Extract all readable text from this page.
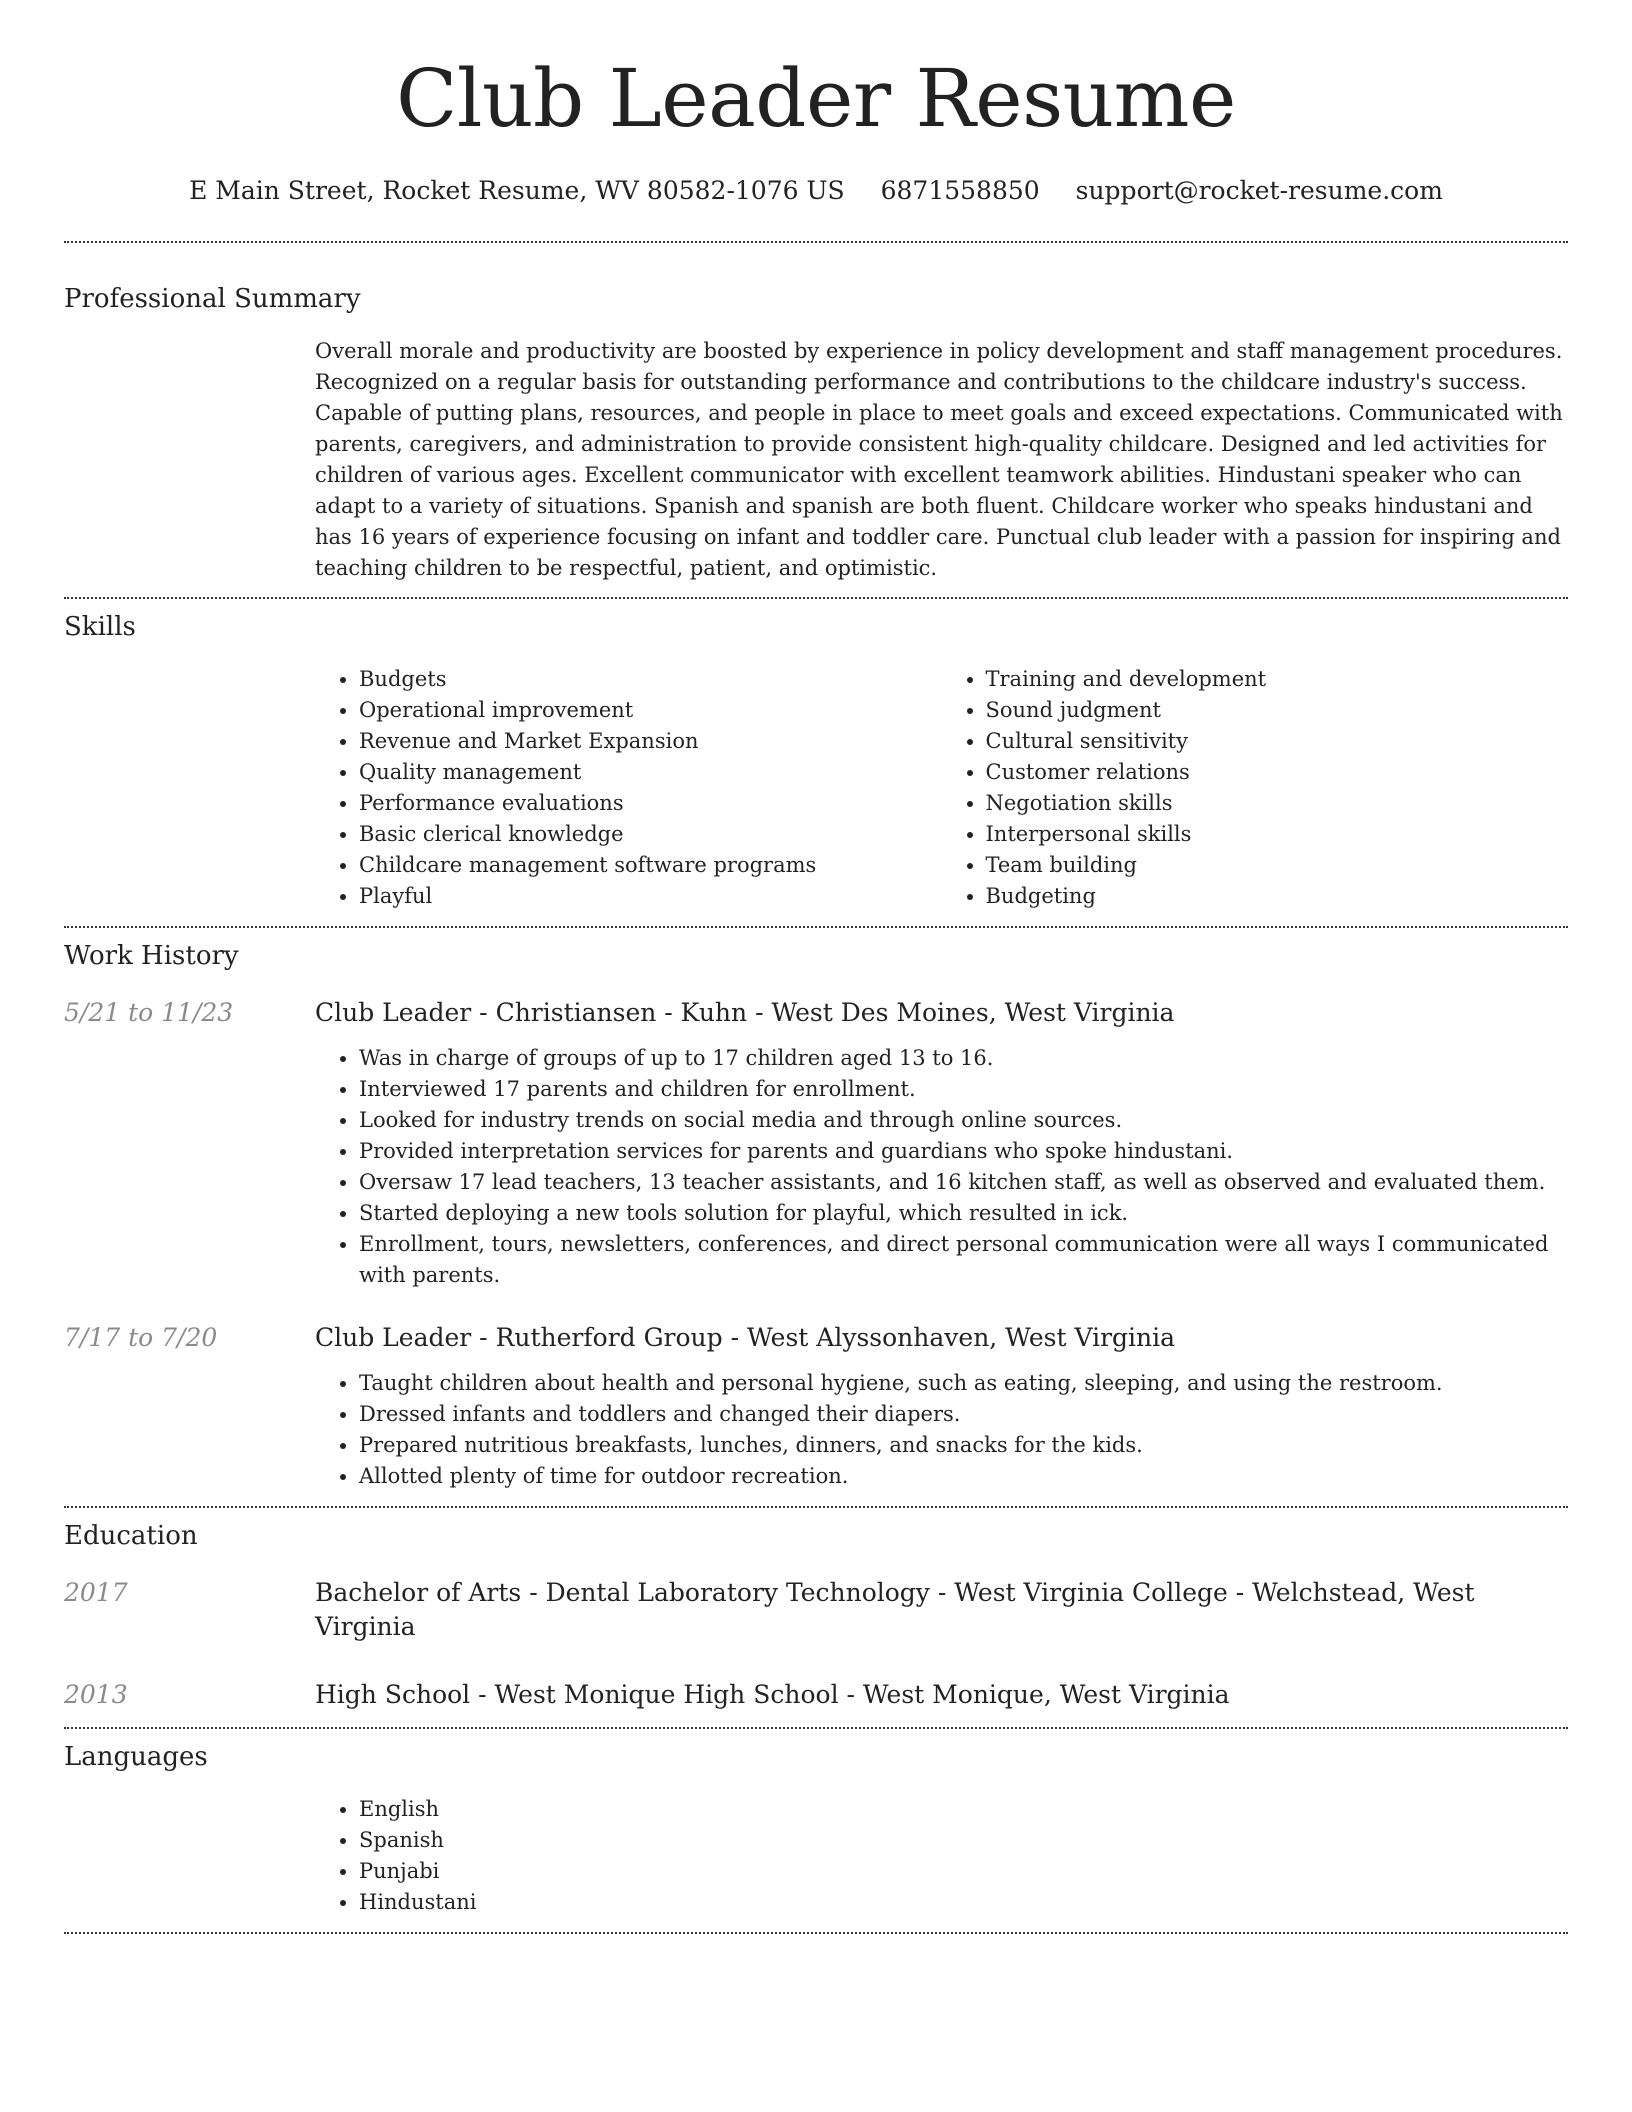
Club Leader Resume
E Main Street, Rocket Resume, WV 80582-1076 US 6871558850 support@rocket-resume.com
Professional Summary
Overall morale and productivity are boosted by experience in policy development and staff management procedures. Recognized on a regular basis for outstanding performance and contributions to the childcare industry's success. Capable of putting plans, resources, and people in place to meet goals and exceed expectations. Communicated with parents, caregivers, and administration to provide consistent high-quality childcare. Designed and led activities for children of various ages. Excellent communicator with excellent teamwork abilities. Hindustani speaker who can adapt to a variety of situations. Spanish and spanish are both fluent. Childcare worker who speaks hindustani and has 16 years of experience focusing on infant and toddler care. Punctual club leader with a passion for inspiring and teaching children to be respectful, patient, and optimistic.
Skills
• Budgets
• Operational improvement
• Revenue and Market Expansion
• Quality management
• Performance evaluations
• Basic clerical knowledge
• Childcare management software programs
• Playful
• Training and development
• Sound judgment
• Cultural sensitivity
• Customer relations
• Negotiation skills
• Interpersonal skills
• Team building
• Budgeting
Work History
5/21 to 11/23	Club Leader - Christiansen - Kuhn - West Des Moines, West Virginia
• Was in charge of groups of up to 17 children aged 13 to 16.
• Interviewed 17 parents and children for enrollment.
• Looked for industry trends on social media and through online sources.
• Provided interpretation services for parents and guardians who spoke hindustani.
• Oversaw 17 lead teachers, 13 teacher assistants, and 16 kitchen staff, as well as observed and evaluated them.
• Started deploying a new tools solution for playful, which resulted in ick.
• Enrollment, tours, newsletters, conferences, and direct personal communication were all ways I communicated with parents.
7/17 to 7/20	Club Leader - Rutherford Group - West Alyssonhaven, West Virginia
• Taught children about health and personal hygiene, such as eating, sleeping, and using the restroom.
• Dressed infants and toddlers and changed their diapers.
• Prepared nutritious breakfasts, lunches, dinners, and snacks for the kids.
• Allotted plenty of time for outdoor recreation.
Education
2017	Bachelor of Arts - Dental Laboratory Technology - West Virginia College - Welchstead, West Virginia
2013	High School - West Monique High School - West Monique, West Virginia
Languages
• English
• Spanish
• Punjabi
• Hindustani
